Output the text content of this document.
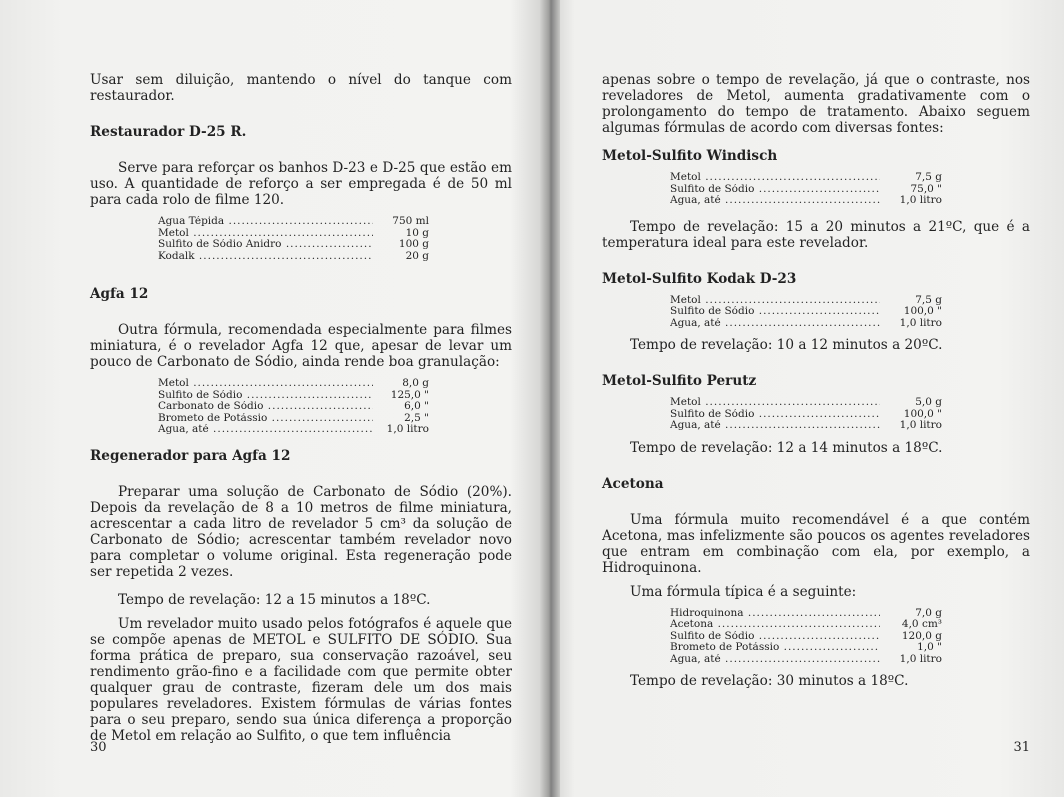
Usar sem diluição, mantendo o nível do tanque com restaurador.

Restaurador D-25 R.

Serve para reforçar os banhos D-23 e D-25 que estão em uso. A quantidade de reforço a ser empregada é de 50 ml para cada rolo de filme 120.

Água Tépida .....	750 ml
Metol .....	10 g
Sulfito de Sódio Anidro .....	100 g
Kodalk .....	20 g
Agfa 12

Outra fórmula, recomendada especialmente para filmes miniatura, é o revelador Agfa 12 que, apesar de levar um pouco de Carbonato de Sódio, ainda rende boa granulação:

Metol .....	8,0 g
Sulfito de Sódio .....	125,0 "
Carbonato de Sódio .....	6,0 "
Brometo de Potássio .....	2,5 "
Água, até .....	1,0 litro
Regenerador para Agfa 12

Preparar uma solução de Carbonato de Sódio (20%). Depois da revelação de 8 a 10 metros de filme miniatura, acrescentar a cada litro de revelador 5 cm³ da solução de Carbonato de Sódio; acrescentar também revelador novo para completar o volume original. Esta regeneração pode ser repetida 2 vezes.

Tempo de revelação: 12 a 15 minutos a 18ºC.

Um revelador muito usado pelos fotógrafos é aquele que se compõe apenas de METOL e SULFITO DE SÓDIO. Sua forma prática de preparo, sua conservação razoável, seu rendimento grão-fino e a facilidade com que permite obter qualquer grau de contraste, fizeram dele um dos mais populares reveladores. Existem fórmulas de várias fontes para o seu preparo, sendo sua única diferença a proporção de Metol em relação ao Sulfito, o que tem influência

30

apenas sobre o tempo de revelação, já que o contraste, nos reveladores de Metol, aumenta gradativamente com o prolongamento do tempo de tratamento. Abaixo seguem algumas fórmulas de acordo com diversas fontes:

Metol-Sulfito Windisch
Metol .....	7,5 g
Sulfito de Sódio .....	75,0 "
Água, até .....	1,0 litro

Tempo de revelação: 15 a 20 minutos a 21ºC, que é a temperatura ideal para este revelador.

Metol-Sulfito Kodak D-23
Metol .....	7,5 g
Sulfito de Sódio .....	100,0 "
Água, até .....	1,0 litro

Tempo de revelação: 10 a 12 minutos a 20ºC.

Metol-Sulfito Perutz
Metol .....	5,0 g
Sulfito de Sódio .....	100,0 "
Água, até .....	1,0 litro

Tempo de revelação: 12 a 14 minutos a 18ºC.

Acetona

Uma fórmula muito recomendável é a que contém Acetona, mas infelizmente são poucos os agentes reveladores que entram em combinação com ela, por exemplo, a Hidroquinona.

Uma fórmula típica é a seguinte:

Hidroquinona .....	7,0 g
Acetona .....	4,0 cm³
Sulfito de Sódio .....	120,0 g
Brometo de Potássio .....	1,0 "
Água, até .....	1,0 litro

Tempo de revelação: 30 minutos a 18ºC.

31
